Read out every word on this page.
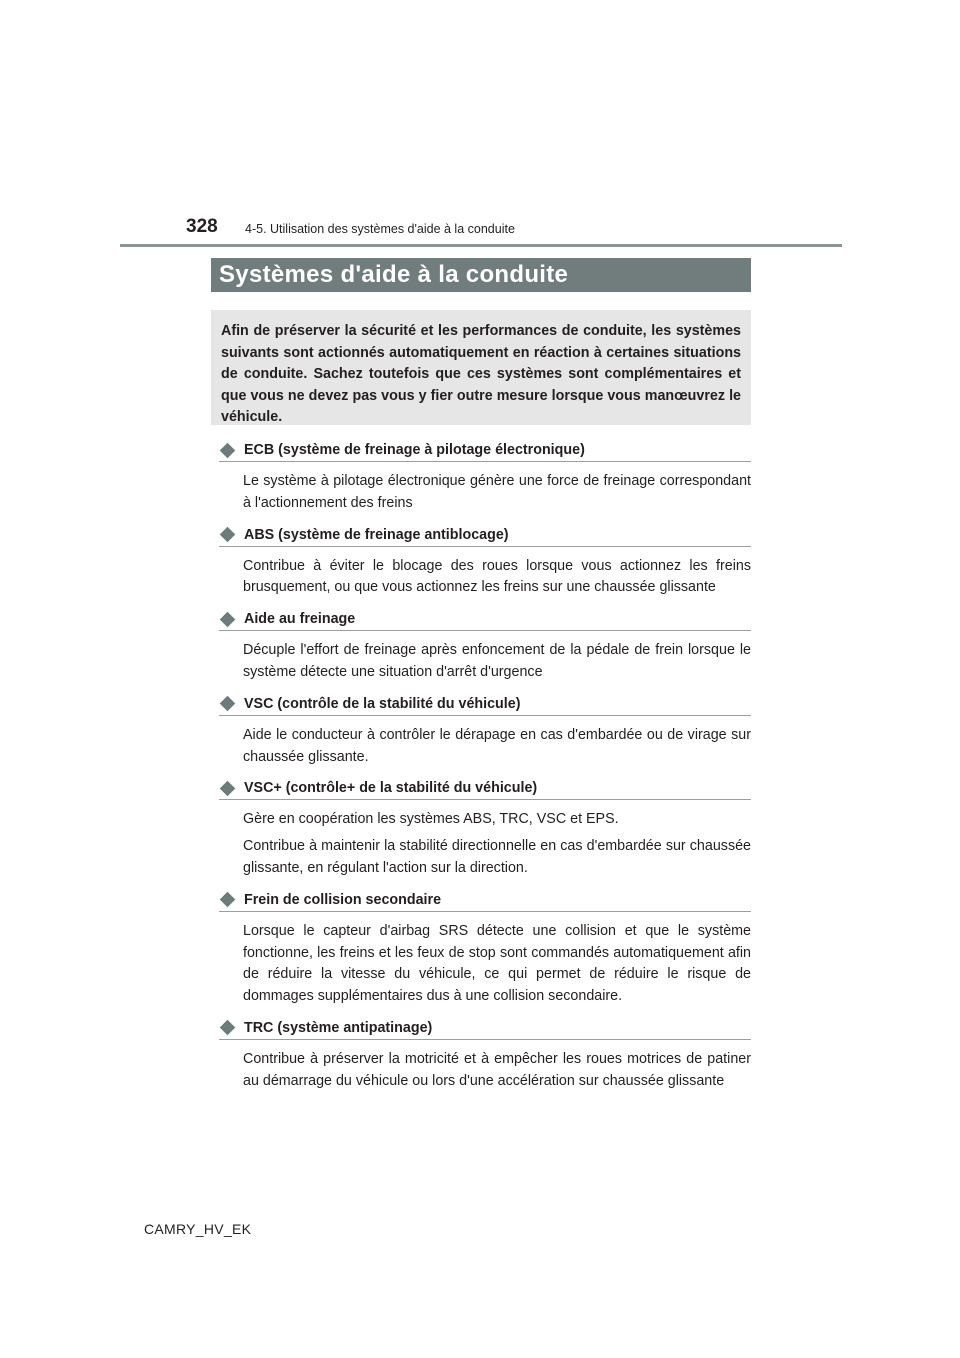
328 4-5. Utilisation des systèmes d'aide à la conduite
Systèmes d'aide à la conduite

Afin de préserver la sécurité et les performances de conduite, les systèmes suivants sont actionnés automatiquement en réaction à certaines situations de conduite. Sachez toutefois que ces systèmes sont complémentaires et que vous ne devez pas vous y fier outre mesure lorsque vous manœuvrez le véhicule.

ECB (système de freinage à pilotage électronique)

Le système à pilotage électronique génère une force de freinage correspondant à l'actionnement des freins

ABS (système de freinage antiblocage)

Contribue à éviter le blocage des roues lorsque vous actionnez les freins brusquement, ou que vous actionnez les freins sur une chaussée glissante

Aide au freinage

Décuple l'effort de freinage après enfoncement de la pédale de frein lorsque le système détecte une situation d'arrêt d'urgence

VSC (contrôle de la stabilité du véhicule)

Aide le conducteur à contrôler le dérapage en cas d'embardée ou de virage sur chaussée glissante.

VSC+ (contrôle+ de la stabilité du véhicule)

Gère en coopération les systèmes ABS, TRC, VSC et EPS.

Contribue à maintenir la stabilité directionnelle en cas d'embardée sur chaussée glissante, en régulant l'action sur la direction.

Frein de collision secondaire

Lorsque le capteur d'airbag SRS détecte une collision et que le système fonctionne, les freins et les feux de stop sont commandés automatiquement afin de réduire la vitesse du véhicule, ce qui permet de réduire le risque de dommages supplémentaires dus à une collision secondaire.

TRC (système antipatinage)

Contribue à préserver la motricité et à empêcher les roues motrices de patiner au démarrage du véhicule ou lors d'une accélération sur chaussée glissante

CAMRY_HV_EK
